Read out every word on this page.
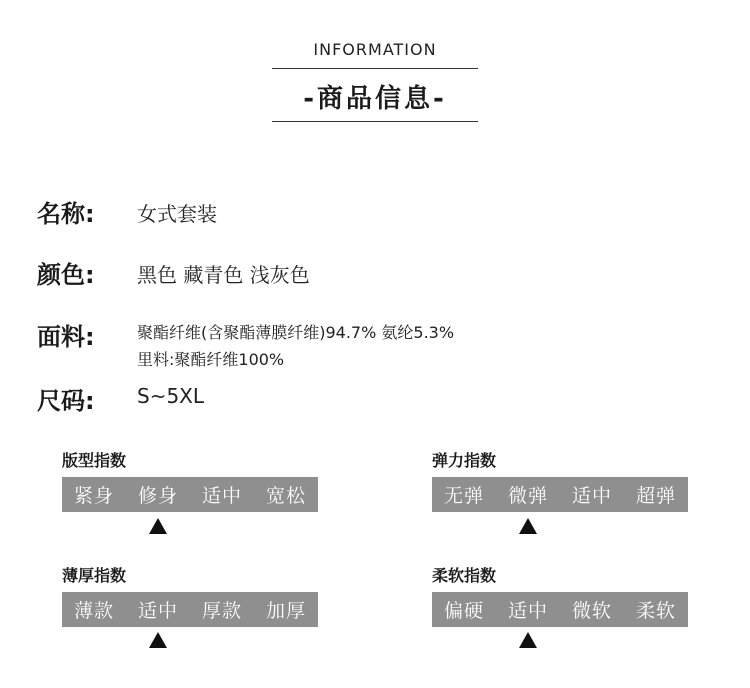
INFORMATION
-商品信息-
名称: 女式套装
颜色: 黑色 藏青色 浅灰色
面料:	聚酯纤维(含聚酯薄膜纤维)94.7% 氨纶5.3%
里料:聚酯纤维100%
尺码: S~5XL
版型指数
紧身	修身	适中	宽松
弹力指数
无弹	微弹	适中	超弹
薄厚指数
薄款	适中	厚款	加厚
柔软指数
偏硬	适中	微软	柔软
